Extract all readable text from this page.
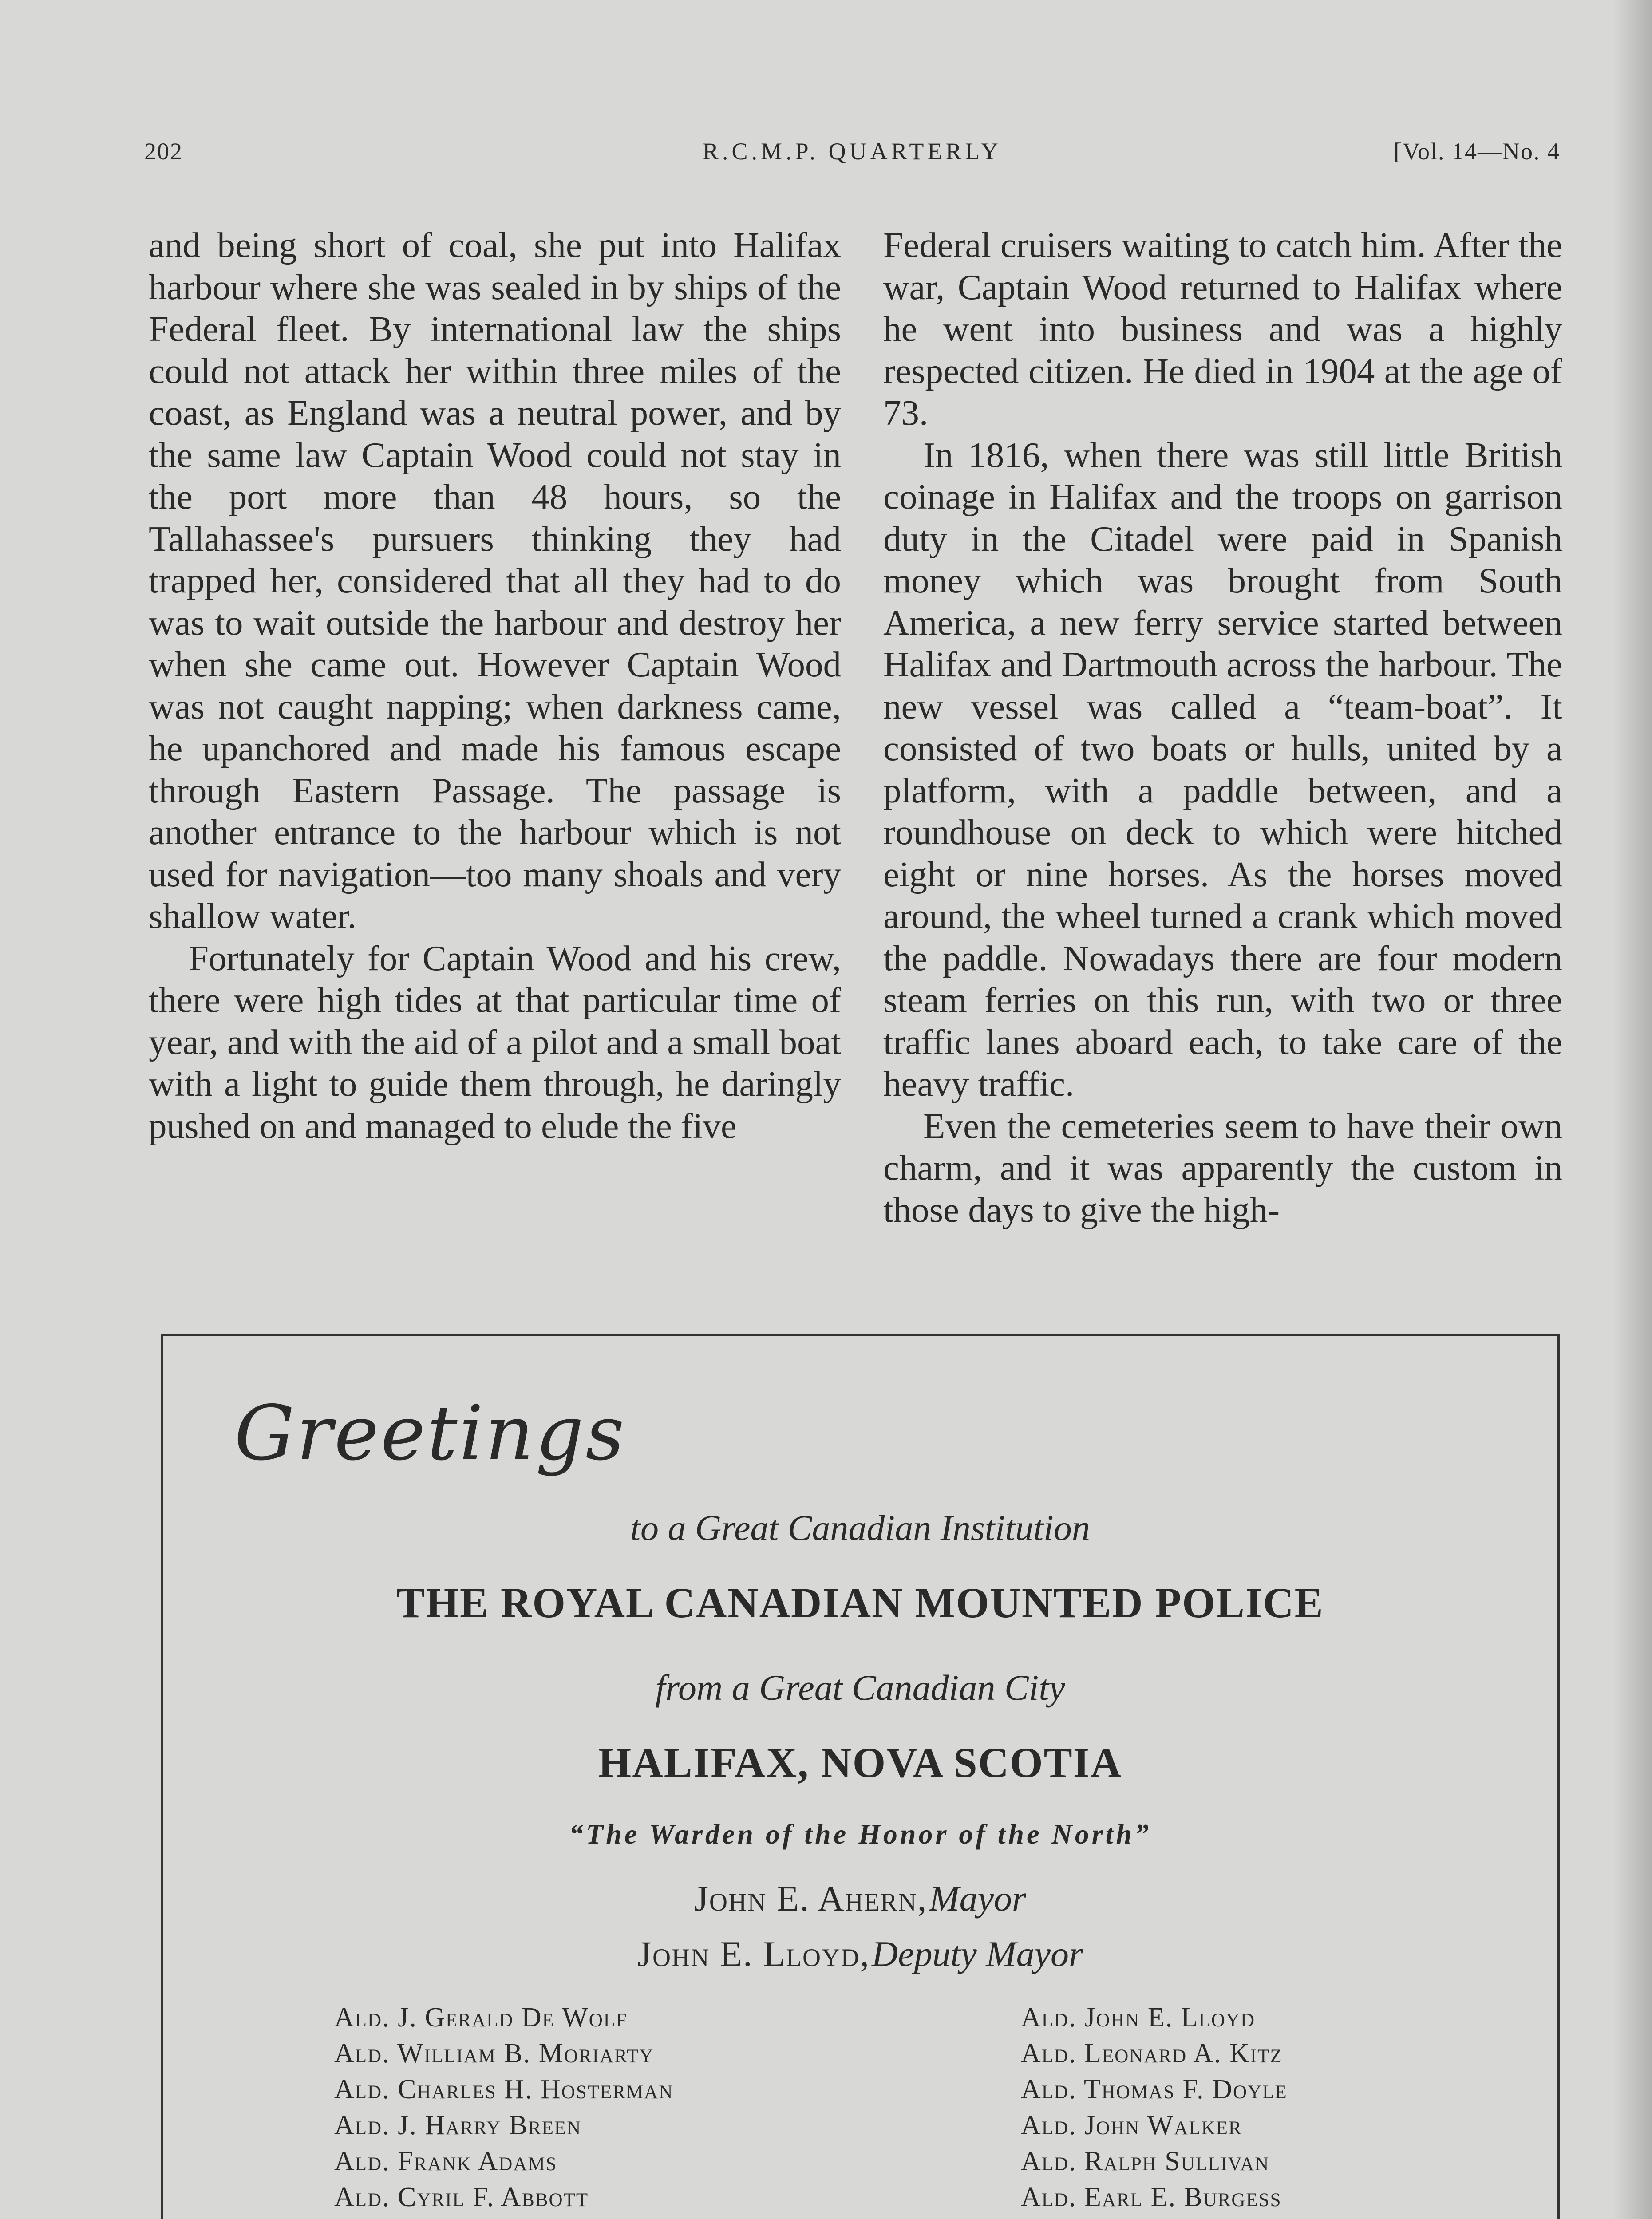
202	R.C.M.P. QUARTERLY	[Vol. 14—No. 4

and being short of coal, she put into Halifax harbour where she was sealed in by ships of the Federal fleet. By international law the ships could not attack her within three miles of the coast, as England was a neutral power, and by the same law Captain Wood could not stay in the port more than 48 hours, so the Tallahassee's pursuers thinking they had trapped her, considered that all they had to do was to wait outside the harbour and destroy her when she came out. However Captain Wood was not caught napping; when darkness came, he upanchored and made his famous escape through Eastern Passage. The passage is another entrance to the harbour which is not used for navigation—too many shoals and very shallow water.

Fortunately for Captain Wood and his crew, there were high tides at that particular time of year, and with the aid of a pilot and a small boat with a light to guide them through, he daringly pushed on and managed to elude the five

Federal cruisers waiting to catch him. After the war, Captain Wood returned to Halifax where he went into business and was a highly respected citizen. He died in 1904 at the age of 73.

In 1816, when there was still little British coinage in Halifax and the troops on garrison duty in the Citadel were paid in Spanish money which was brought from South America, a new ferry service started between Halifax and Dartmouth across the harbour. The new vessel was called a “team-boat”. It consisted of two boats or hulls, united by a platform, with a paddle between, and a roundhouse on deck to which were hitched eight or nine horses. As the horses moved around, the wheel turned a crank which moved the paddle. Nowadays there are four modern steam ferries on this run, with two or three traffic lanes aboard each, to take care of the heavy traffic.

Even the cemeteries seem to have their own charm, and it was apparently the custom in those days to give the high-

Greetings
to a Great Canadian Institution
THE ROYAL CANADIAN MOUNTED POLICE
from a Great Canadian City
HALIFAX, NOVA SCOTIA
“The Warden of the Honor of the North”
John E. Ahern, Mayor
John E. Lloyd, Deputy Mayor
Ald. J. Gerald De Wolf
Ald. William B. Moriarty
Ald. Charles H. Hosterman
Ald. J. Harry Breen
Ald. Frank Adams
Ald. Cyril F. Abbott
Ald. John E. Lloyd
Ald. Leonard A. Kitz
Ald. Thomas F. Doyle
Ald. John Walker
Ald. Ralph Sullivan
Ald. Earl E. Burgess
